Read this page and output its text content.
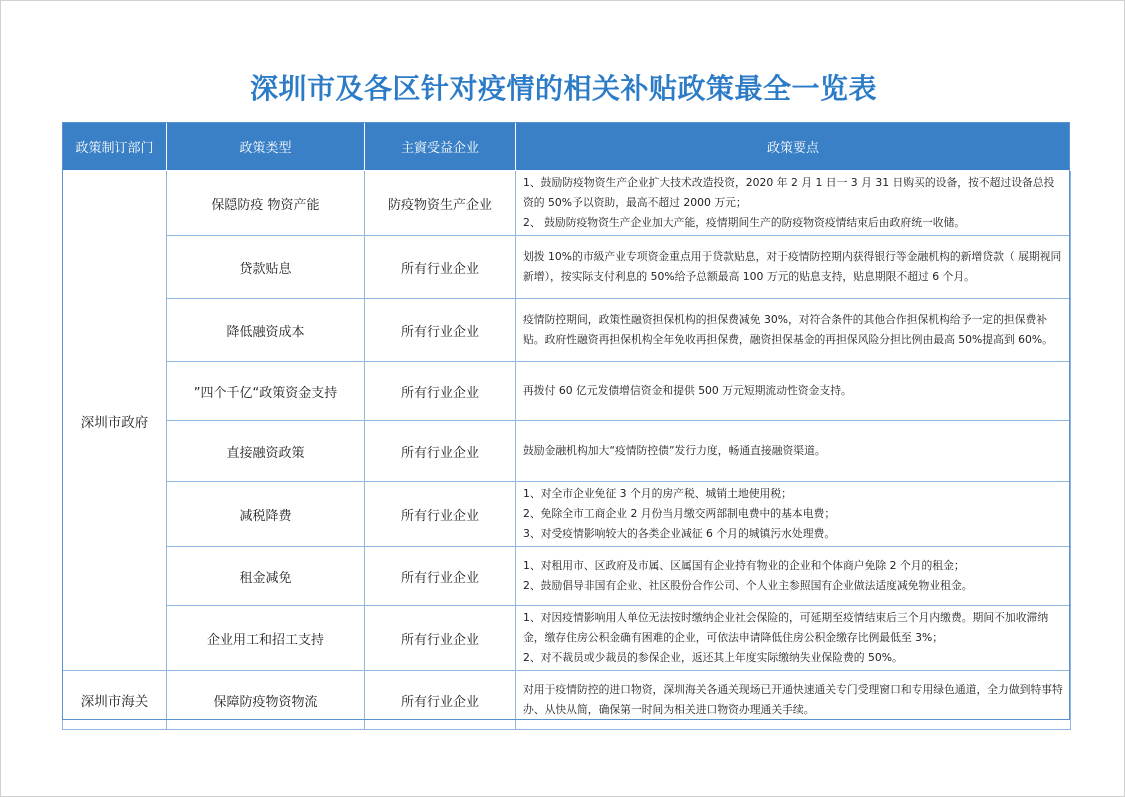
深圳市及各区针对疫情的相关补贴政策最全一览表
政策制订部门	政策类型	主賨受益企业	政策要点
深圳市政府	保隠防疫 物资产能	防疫物资生产企业	1、鼓励防疫物资生产企业扩大技术改造投资，2020 年 2 月 1 日一 3 月 31 日购买的设备，按不超过设备总投资的 50%予以资助，最高不超过 2000 万元；
2、 鼓励防疫物资生产企业加大产能，疫情期间生产的防疫物资疫情结束后由政府统一收储。

	贷款贴息	所有行业企业	划拨 10%的市級产业专项资金重点用于贷款贴息，对于疫情防控期内获得银行等金融机构的新增贷款（ 展期视同新增），按实际支付利息的 50%给予总额最高 100 万元的贴息支持，贴息期限不超过 6 个月。

	降低融资成本	所有行业企业	疫情防控期间，政策性融资担保机构的担保费减免 30%，对符合条件的其他合作担保机构给予一定的担保费补贴。政府性融资再担保机构全年免收再担保费，融资担保基金的再担保风险分担比例由最高 50%提高到 60%。

	”四个千亿“政策资金支持	所有行业企业	再拨付 60 亿元发债增信资金和提供 500 万元短期流动性资金支持。

	直接融资政策	所有行业企业	鼓励金融机构加大“疫情防控债”发行力度，畅通直接融资渠道。

	减税降费	所有行业企业	1、对全市企业免征 3 个月的房产税、城销土地使用税；
2、免除全市工商企业 2 月份当月缴交两部制电费中的基本电费；
3、对受疫情影响较大的各类企业减征 6 个月的城镇污水处理费。

	租金减免	所有行业企业	1、对租用市、区政府及市属、区属国有企业持有物业的企业和个体商户免除 2 个月的租金；
2、鼓励倡导非国有企业、社区股份合作公司、个人业主参照国有企业做法适度减免物业租金。

	企业用工和招工支持	所有行业企业	1、对因疫情影响用人单位无法按时缴纳企业社会保险的，可延期至疫情结束后三个月内缴费。期间不加收滞纳金，缴存住房公积金确有困难的企业，可依法申请降低住房公积金缴存比例最低至 3%；
2、对不裁员或少裁员的参保企业，返还其上年度实际缴纳失业保险费的 50%。

深圳市海关	保障防疫物资物流	所有行业企业	对用于疫情防控的进口物资，深圳海关各通关现场已开通快速通关专门受理窗口和专用绿色通道，全力做到特事特办、从快从简，确保第一时间为相关进口物资办理通关手续。
